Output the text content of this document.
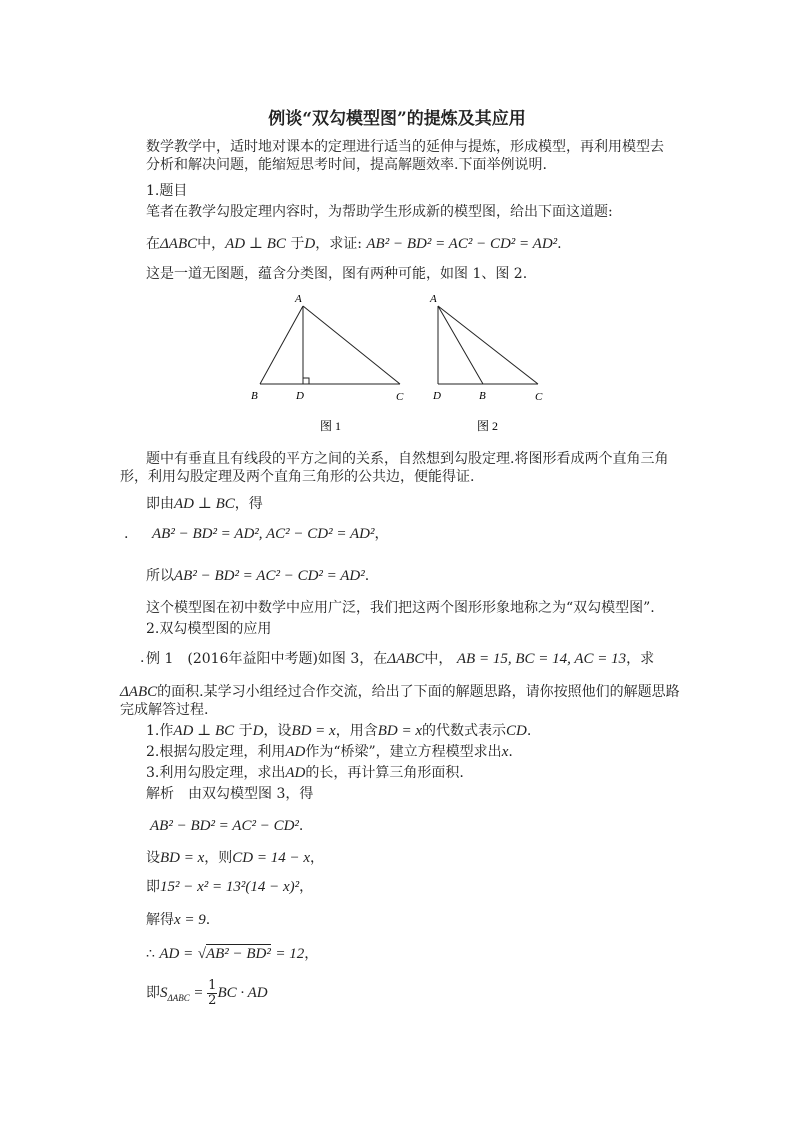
例谈“双勾模型图”的提炼及其应用
数学教学中，适时地对课本的定理进行适当的延伸与提炼，形成模型，再利用模型去分析和解决问题，能缩短思考时间，提高解题效率.下面举例说明.
1.题目
笔者在教学勾股定理内容时，为帮助学生形成新的模型图，给出下面这道题:
在ΔABC中，AD ⊥ BC 于D，求证: AB² − BD² = AC² − CD² = AD².
这是一道无图题，蕴含分类图，图有两种可能，如图 1、图 2.
A
B	D	C
图 1
A
D	B	C
图 2
题中有垂直且有线段的平方之间的关系，自然想到勾股定理.将图形看成两个直角三角形，利用勾股定理及两个直角三角形的公共边，便能得证.
即由AD ⊥ BC，得
. AB² − BD² = AD², AC² − CD² = AD²，
所以AB² − BD² = AC² − CD² = AD².
这个模型图在初中数学中应用广泛，我们把这两个图形形象地称之为“双勾模型图”.
2.双勾模型图的应用
. 例 1　(2016年益阳中考题)如图 3，在ΔABC中， AB = 15, BC = 14, AC = 13，求
ΔABC的面积.某学习小组经过合作交流，给出了下面的解题思路，请你按照他们的解题思路完成解答过程.
1.作AD ⊥ BC 于D，设BD = x，用含BD = x的代数式表示CD.
2.根据勾股定理，利用AD作为“桥梁”，建立方程模型求出x.
3.利用勾股定理，求出AD的长，再计算三角形面积.
解析　由双勾模型图 3，得
AB² − BD² = AC² − CD².
设BD = x，则CD = 14 − x，
即15² − x² = 13²(14 − x)²，
解得x = 9.
∴ AD = √AB² − BD² = 12，
即$S_{\Delta ABC} = \frac{1}{2}$ BC · AD
